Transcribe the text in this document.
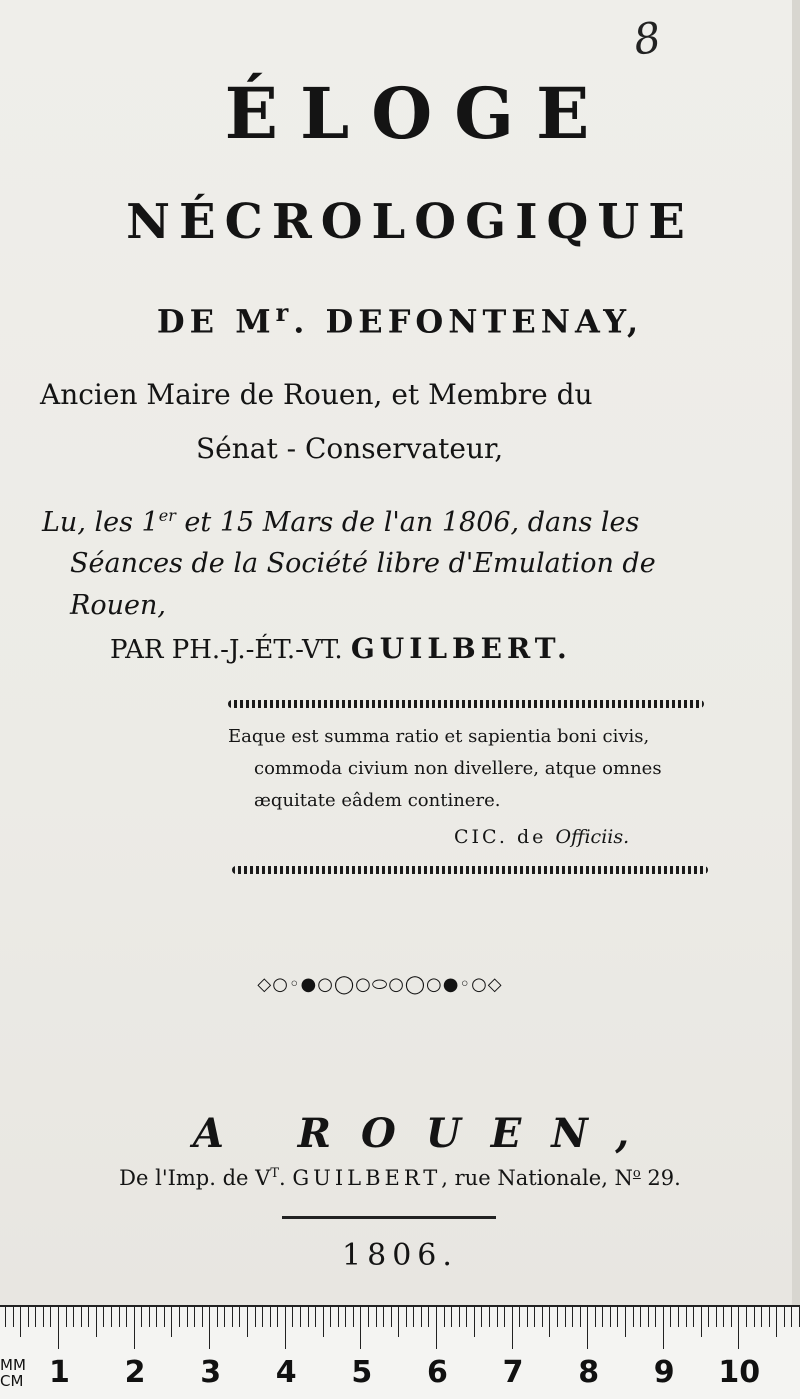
8
ÉLOGE
NÉCROLOGIQUE
DE $M^r$. DEFONTENAY,
Ancien Maire de Rouen, et Membre du
Sénat - Conservateur,
Lu, les 1er et 15 Mars de l'an 1806, dans les
Séances de la Société libre d'Emulation de
Rouen,
PAR PH.-J.-ÉT.-VT. GUILBERT.
Eaque est summa ratio et sapientia boni civis,
commoda civium non divellere, atque omnes
æquitate eâdem continere.
CIC. de Officiis.
◇○◦●○◯○⬭○◯○●◦○◇
A ROUEN,
De l'Imp. de $V^T$. GUILBERT, rue Nationale, $N^o$ 29.
1806.
MM
CM 1 2 3 4 5 6 7 8 9 10
